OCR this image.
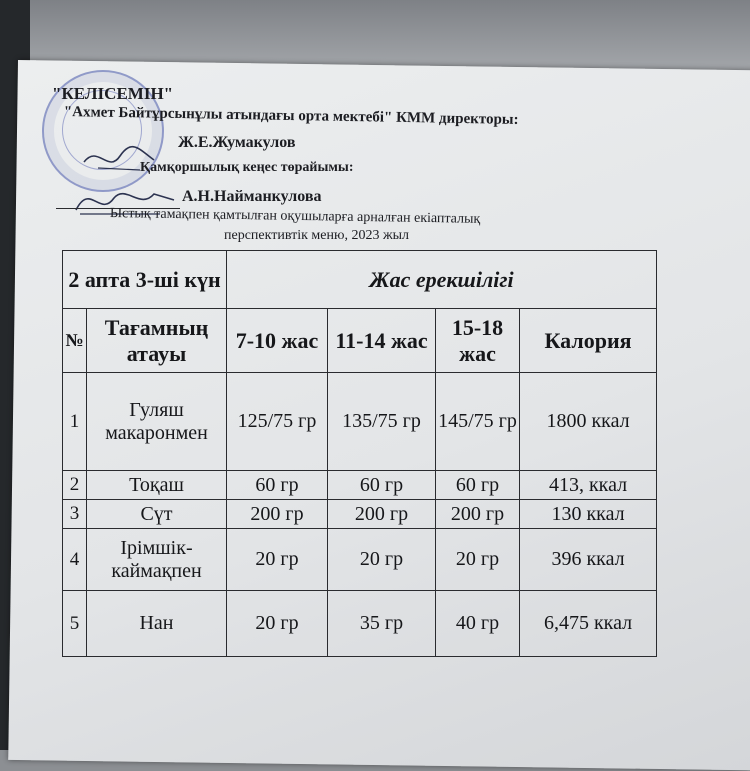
"КЕЛІСЕМІН"
"Ахмет Байтұрсынұлы атындағы орта мектебі" КММ директоры:
Ж.Е.Жумакулов
Қамқоршылық кеңес төрайымы:
А.Н.Найманкулова
Ыстық тамақпен қамтылған оқушыларға арналған екіапталық
перспективтік меню, 2023 жыл
2 апта 3-ші күн		Жас ерекшілігі			
№	Тағамның атауы	7-10 жас	11-14 жас	15-18 жас	Калория
1	Гуляш макаронмен	125/75 гр	135/75 гр	145/75 гр	1800 ккал
2	Тоқаш	60 гр	60 гр	60 гр	413, ккал
3	Сүт	200 гр	200 гр	200 гр	130 ккал
4	Ірімшік-каймақпен	20 гр	20 гр	20 гр	396 ккал
5	Нан	20 гр	35 гр	40 гр	6,475 ккал
